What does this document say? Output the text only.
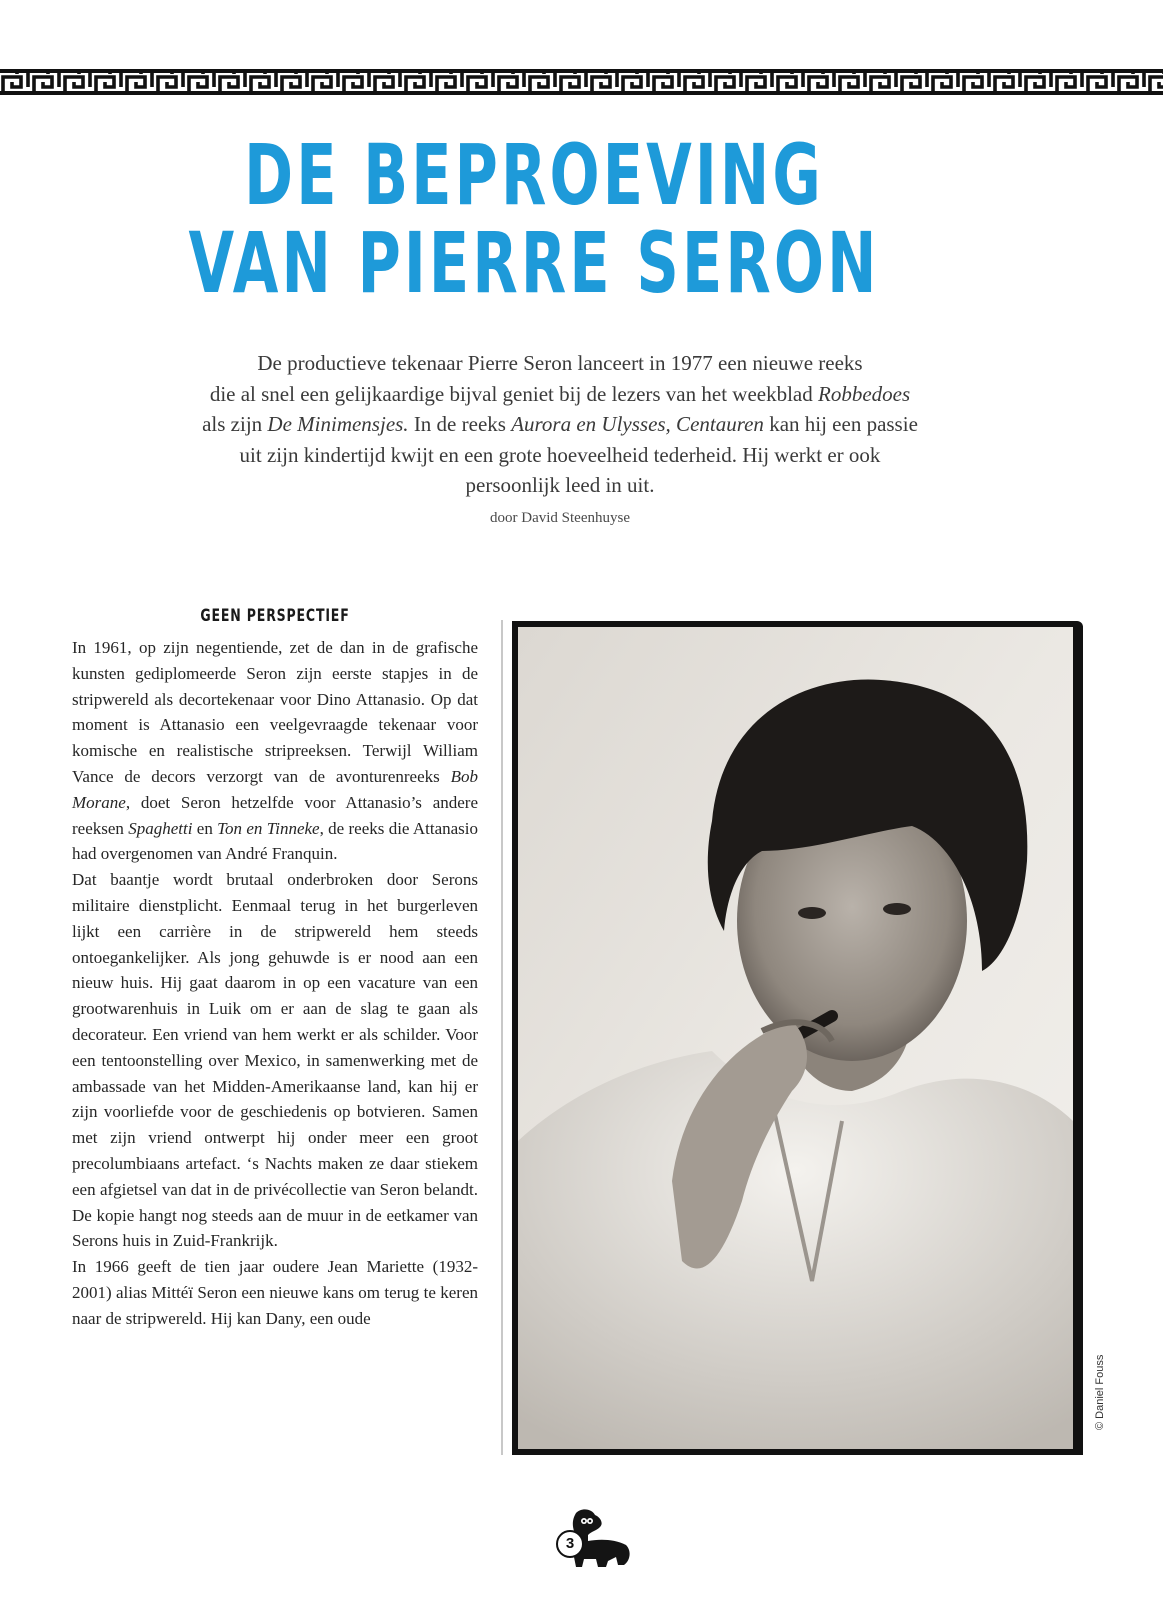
DE BEPROEVING
VAN PIERRE SERON
De productieve tekenaar Pierre Seron lanceert in 1977 een nieuwe reeks
die al snel een gelijkaardige bijval geniet bij de lezers van het weekblad Robbedoes
als zijn De Minimensjes. In de reeks Aurora en Ulysses, Centauren kan hij een passie
uit zijn kindertijd kwijt en een grote hoeveelheid tederheid. Hij werkt er ook
persoonlijk leed in uit.
door David Steenhuyse
GEEN PERSPECTIEF

In 1961, op zijn negentiende, zet de dan in de grafische kunsten gediplomeerde Seron zijn eerste stapjes in de stripwereld als decortekenaar voor Dino Attanasio. Op dat moment is Attanasio een veelgevraagde tekenaar voor komische en realistische stripreeksen. Terwijl William Vance de decors verzorgt van de avonturenreeks Bob Morane, doet Seron hetzelfde voor Attanasio’s andere reeksen Spaghetti en Ton en Tinneke, de reeks die Attanasio had overgenomen van André Franquin.

Dat baantje wordt brutaal onderbroken door Serons militaire dienstplicht. Eenmaal terug in het burgerleven lijkt een carrière in de stripwereld hem steeds ontoegankelijker. Als jong gehuwde is er nood aan een nieuw huis. Hij gaat daarom in op een vacature van een grootwarenhuis in Luik om er aan de slag te gaan als decorateur. Een vriend van hem werkt er als schilder. Voor een tentoonstelling over Mexico, in samenwerking met de ambassade van het Midden-Amerikaanse land, kan hij er zijn voorliefde voor de geschiedenis op botvieren. Samen met zijn vriend ontwerpt hij onder meer een groot precolumbiaans artefact. ‘s Nachts maken ze daar stiekem een afgietsel van dat in de privécollectie van Seron belandt. De kopie hangt nog steeds aan de muur in de eetkamer van Serons huis in Zuid-Frankrijk.

In 1966 geeft de tien jaar oudere Jean Mariette (1932-2001) alias Mittéï Seron een nieuwe kans om terug te keren naar de stripwereld. Hij kan Dany, een oude

© Daniel Fouss
3
